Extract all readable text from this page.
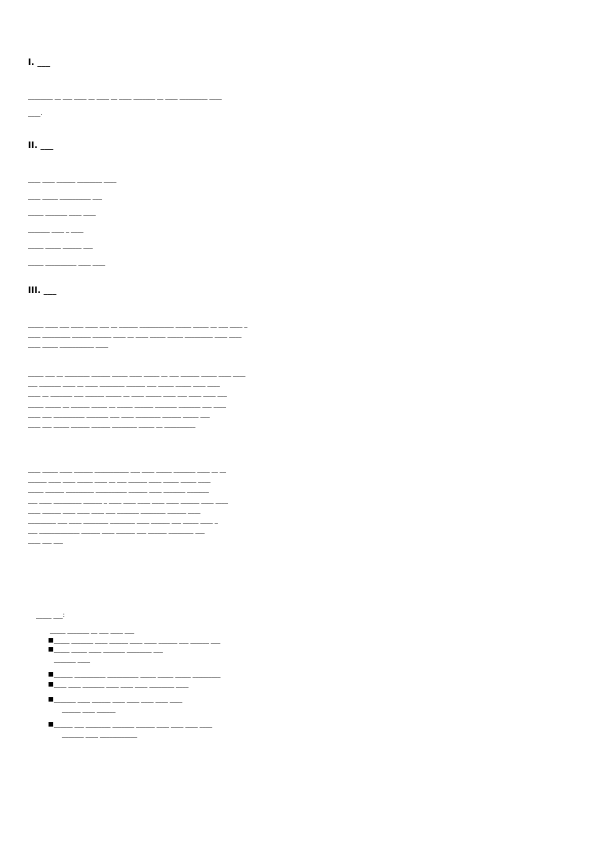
I. ___
________ __ ___ ____ __ ____ __ ____ _______ __ ____ _________ ____
____.
II. ___
____ ____ ______ ________ ____
____ _____ __________ ___
_____ _______ ____ ____
_______ ____ _ ____
_____ _____ ______ ___
_____ __________ ____ ____
III. ___
_____ ____ ___ ____ ____ ___ __ ______ ___________ _____ _____ __ ___ ____ _
____ _________ ______ ______ ____ __ ____ _____ _____ _________ ____ ____
____ _____ ___________ ____
_____ ___ __ ________ ______ _____ ____ _____ __ ___ ______ _____ ____ ____
___ _______ ____ __ ____ ________ ______ ___ _____ _____ ____ ____
____ __ _______ ___ ______ _____ __ ____ _____ ____ ___ ____ ____ ___
_____ _____ __ ______ _____ __ _____ ______ _______ _______ ___ ____
____ ___ __________ _______ ___ ____ ________ ______ _____ ___
____ ___ _____ ______ ______ ________ _____ __ __________
____ _____ ____ ______ ___________ ___ ____ _____ _______ ____ __ __
______ ____ ____ _____ ____ __ ___ ______ ____ _____ _____ ____
_____ ______ _________ __________ ______ ____ _______ _______
___ ____ _________ ______ _ ____ ____ ____ ____ ____ ______ ____ ____
____ ______ ____ ____ ____ ___ _______ ________ ______ ____
_________ ___ ____ ________ ________ ____ ______ ___ _____ ____ _
___ _____________ ______ ____ ______ ___ ______ ________ ___
____ ___ ___
_____ ___:
_____ _______ __ ___ ____ ___
■ _____ _______ ____ ______ ____ ____ ______ ___ ______ ___
■ _____ _____ ____ _______ ________ ___
_______ ____
■ ______ __________ __________ _____ _____ _____ _________
■ ____ ____ _______ ____ ____ ____ ________ ____
■ _______ ____ ______ ____ ____ ____ ____ ____
______ ____ ______
■ ______ ___ ________ _______ ______ ____ ____ ____ ____
_______ ____ ____________
